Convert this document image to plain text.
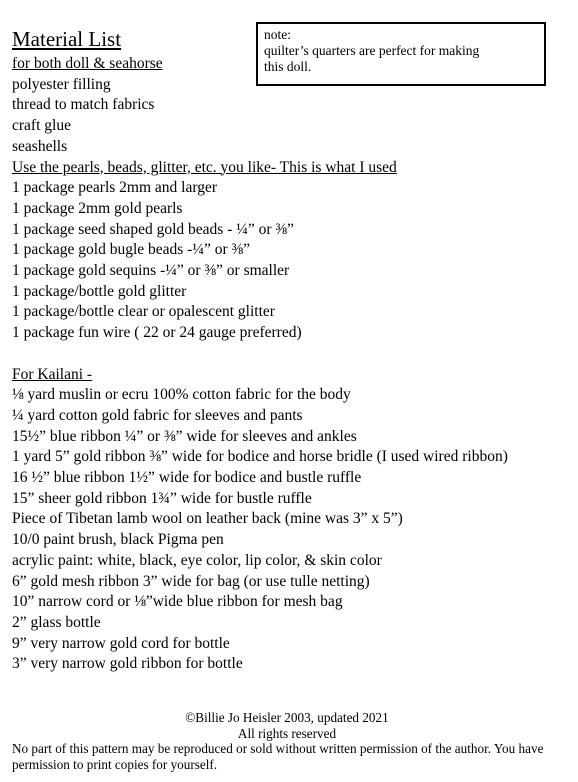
Material List	note:
quilter’s quarters are perfect for making
this doll.
for both doll & seahorse
polyester filling
thread to match fabrics
craft glue
seashells
Use the pearls, beads, glitter, etc. you like- This is what I used
1 package pearls 2mm and larger
1 package 2mm gold pearls
1 package seed shaped gold beads - ¼” or ⅜”
1 package gold bugle beads -¼” or ⅜”
1 package gold sequins -¼” or ⅜” or smaller
1 package/bottle gold glitter
1 package/bottle clear or opalescent glitter
1 package fun wire ( 22 or 24 gauge preferred)
For Kailani -
⅛ yard muslin or ecru 100% cotton fabric for the body
¼ yard cotton gold fabric for sleeves and pants
15½” blue ribbon ¼” or ⅜” wide for sleeves and ankles
1 yard 5” gold ribbon ⅜” wide for bodice and horse bridle (I used wired ribbon)
16 ½” blue ribbon 1½” wide for bodice and bustle ruffle
15” sheer gold ribbon 1¾” wide for bustle ruffle
Piece of Tibetan lamb wool on leather back (mine was 3” x 5”)
10/0 paint brush, black Pigma pen
acrylic paint: white, black, eye color, lip color, & skin color
6” gold mesh ribbon 3” wide for bag (or use tulle netting)
10” narrow cord or ⅛”wide blue ribbon for mesh bag
2” glass bottle
9” very narrow gold cord for bottle
3” very narrow gold ribbon for bottle
©Billie Jo Heisler 2003, updated 2021
All rights reserved
No part of this pattern may be reproduced or sold without written permission of the author. You have permission to print copies for yourself.
